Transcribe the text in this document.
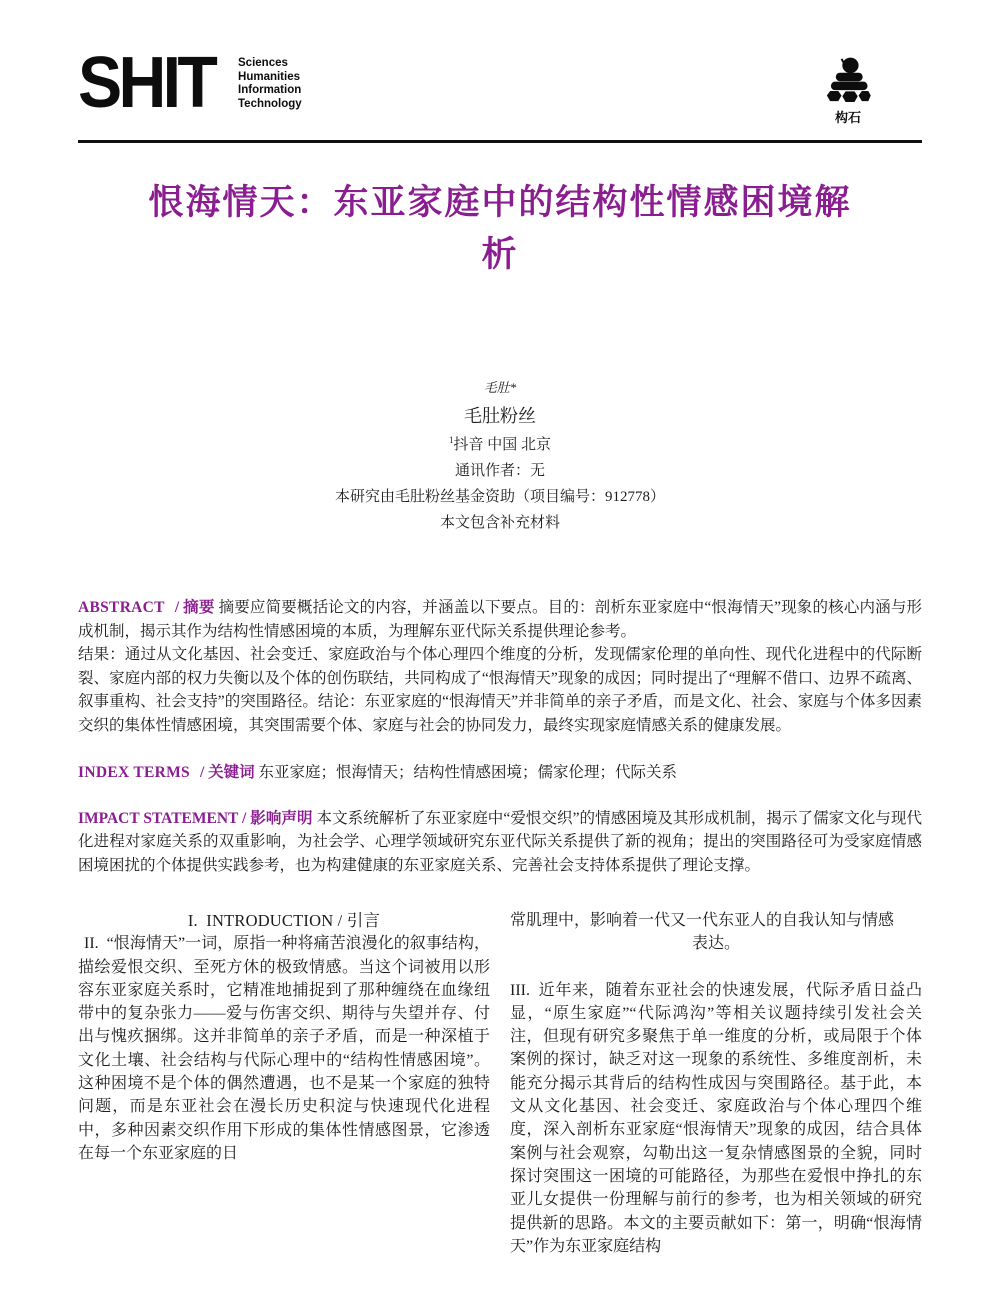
SHIT Sciences
Humanities
Information
Technology
构石
恨海情天：东亚家庭中的结构性情感困境解
析
毛肚*
毛肚粉丝
$^1$抖音 中国 北京
通讯作者：无
本研究由毛肚粉丝基金资助（项目编号：912778）
本文包含补充材料

ABSTRACT / 摘要 摘要应简要概括论文的内容，并涵盖以下要点。目的：剖析东亚家庭中“恨海情天”现象的核心内涵与形成机制，揭示其作为结构性情感困境的本质，为理解东亚代际关系提供理论参考。

结果：通过从文化基因、社会变迁、家庭政治与个体心理四个维度的分析，发现儒家伦理的单向性、现代化进程中的代际断裂、家庭内部的权力失衡以及个体的创伤联结，共同构成了“恨海情天”现象的成因；同时提出了“理解不借口、边界不疏离、叙事重构、社会支持”的突围路径。结论：东亚家庭的“恨海情天”并非简单的亲子矛盾，而是文化、社会、家庭与个体多因素交织的集体性情感困境，其突围需要个体、家庭与社会的协同发力，最终实现家庭情感关系的健康发展。

INDEX TERMS / 关键词 东亚家庭；恨海情天；结构性情感困境；儒家伦理；代际关系

IMPACT STATEMENT / 影响声明 本文系统解析了东亚家庭中“爱恨交织”的情感困境及其形成机制，揭示了儒家文化与现代化进程对家庭关系的双重影响，为社会学、心理学领域研究东亚代际关系提供了新的视角；提出的突围路径可为受家庭情感困境困扰的个体提供实践参考，也为构建健康的东亚家庭关系、完善社会支持体系提供了理论支撑。

I. INTRODUCTION / 引言

II. “恨海情天”一词，原指一种将痛苦浪漫化的叙事结构，描绘爱恨交织、至死方休的极致情感。当这个词被用以形容东亚家庭关系时，它精准地捕捉到了那种缠绕在血缘纽带中的复杂张力——爱与伤害交织、期待与失望并存、付出与愧疚捆绑。这并非简单的亲子矛盾，而是一种深植于文化土壤、社会结构与代际心理中的“结构性情感困境”。这种困境不是个体的偶然遭遇，也不是某一个家庭的独特问题，而是东亚社会在漫长历史积淀与快速现代化进程中，多种因素交织作用下形成的集体性情感图景，它渗透在每一个东亚家庭的日

常肌理中，影响着一代又一代东亚人的自我认知与情感

表达。

III. 近年来，随着东亚社会的快速发展，代际矛盾日益凸显，“原生家庭”“代际鸿沟”等相关议题持续引发社会关注，但现有研究多聚焦于单一维度的分析，或局限于个体案例的探讨，缺乏对这一现象的系统性、多维度剖析，未能充分揭示其背后的结构性成因与突围路径。基于此，本文从文化基因、社会变迁、家庭政治与个体心理四个维度，深入剖析东亚家庭“恨海情天”现象的成因，结合具体案例与社会观察，勾勒出这一复杂情感图景的全貌，同时探讨突围这一困境的可能路径，为那些在爱恨中挣扎的东亚儿女提供一份理解与前行的参考，也为相关领域的研究提供新的思路。本文的主要贡献如下：第一，明确“恨海情天”作为东亚家庭结构
